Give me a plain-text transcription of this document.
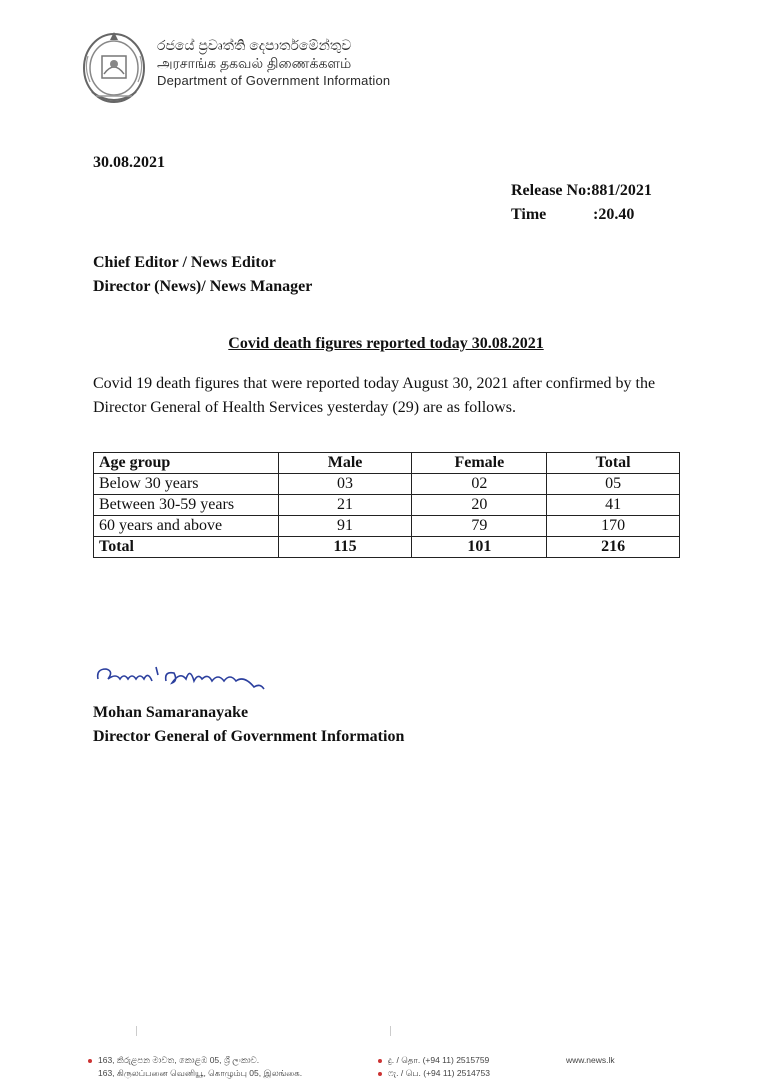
රජයේ ප්‍රවෘත්ති දෙපාර්තමේන්තුව
அரசாங்க தகவல் திணைக்களம்
Department of Government Information
30.08.2021
Release No:881/2021
Time	:20.40
Chief Editor / News Editor
Director (News)/ News Manager
Covid death figures reported today 30.08.2021
Covid 19 death figures that were reported today August 30, 2021 after confirmed by the Director General of Health Services yesterday (29) are as follows.
Age group	Male	Female	Total
Below 30 years	03	02	05
Between 30-59 years	21	20	41
60 years and above	91	79	170
Total	115	101	216
Mohan Samaranayake
Director General of Government Information
163, කිරුළපන මාවත, කොළඹ 05, ශ්‍රී ලංකාව.
163, கிருலப்பனை வெனியூ, கொழும்பு 05, இலங்கை.
දු. / தொ. (+94 11) 2515759
ෆැ. / பெ. (+94 11) 2514753
www.news.lk
